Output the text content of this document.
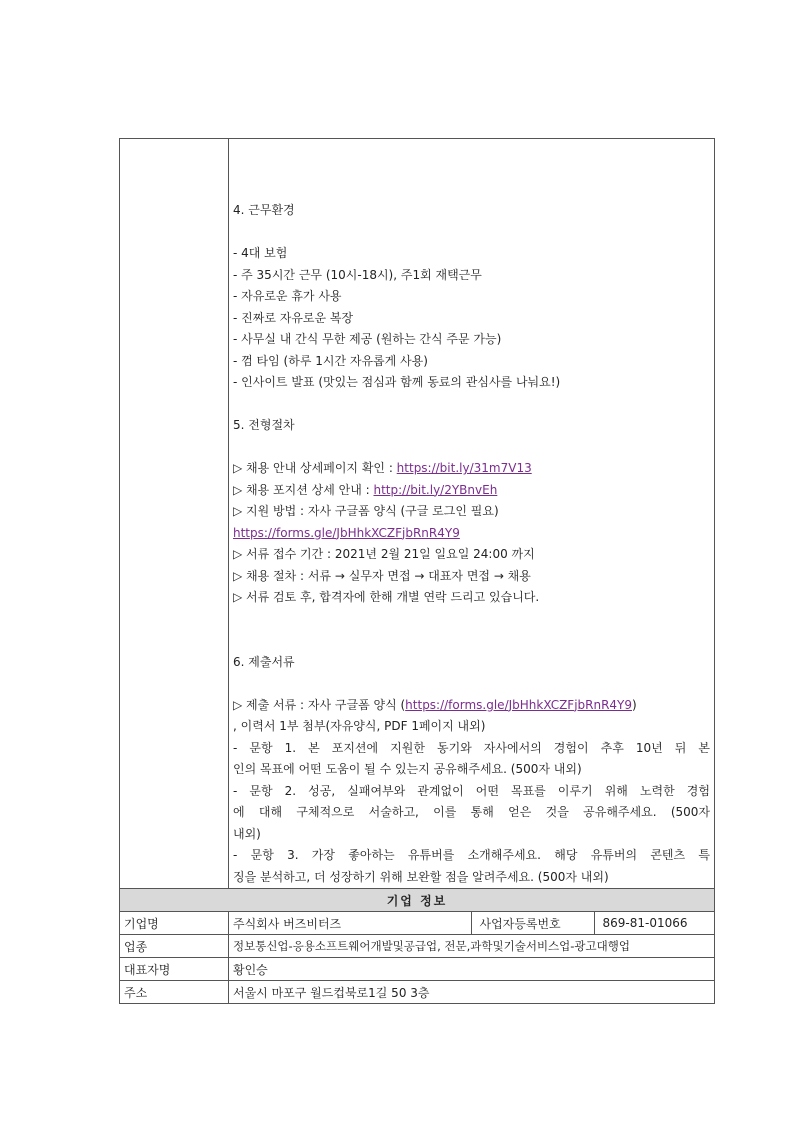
4. 근무환경
- 4대 보험
- 주 35시간 근무 (10시-18시), 주1회 재택근무
- 자유로운 휴가 사용
- 진짜로 자유로운 복장
- 사무실 내 간식 무한 제공 (원하는 간식 주문 가능)
- 껌 타임 (하루 1시간 자유롭게 사용)
- 인사이트 발표 (맛있는 점심과 함께 동료의 관심사를 나눠요!)
5. 전형절차
▷ 채용 안내 상세페이지 확인 : https://bit.ly/31m7V13
▷ 채용 포지션 상세 안내 : http://bit.ly/2YBnvEh
▷ 지원 방법 : 자사 구글폼 양식 (구글 로그인 필요)
https://forms.gle/JbHhkXCZFjbRnR4Y9
▷ 서류 접수 기간 : 2021년 2월 21일 일요일 24:00 까지
▷ 채용 절차 : 서류 → 실무자 면접 → 대표자 면접 → 채용
▷ 서류 검토 후, 합격자에 한해 개별 연락 드리고 있습니다.
6. 제출서류
▷ 제출 서류 : 자사 구글폼 양식 (https://forms.gle/JbHhkXCZFjbRnR4Y9)
, 이력서 1부 첨부(자유양식, PDF 1페이지 내외)
- 문항 1. 본 포지션에 지원한 동기와 자사에서의 경험이 추후 10년 뒤 본
인의 목표에 어떤 도움이 될 수 있는지 공유해주세요. (500자 내외)
- 문항 2. 성공, 실패여부와 관계없이 어떤 목표를 이루기 위해 노력한 경험
에 대해 구체적으로 서술하고, 이를 통해 얻은 것을 공유해주세요. (500자
내외)
- 문항 3. 가장 좋아하는 유튜버를 소개해주세요. 해당 유튜버의 콘텐츠 특
징을 분석하고, 더 성장하기 위해 보완할 점을 알려주세요. (500자 내외)

기업 정보
기업명		주식회사 버즈비터즈	사업자등록번호	869-81-01066

업종	정보통신업-응용소프트웨어개발및공급업, 전문,과학및기술서비스업-광고대행업
대표자명	황인승
주소	서울시 마포구 월드컵북로1길 50 3층
